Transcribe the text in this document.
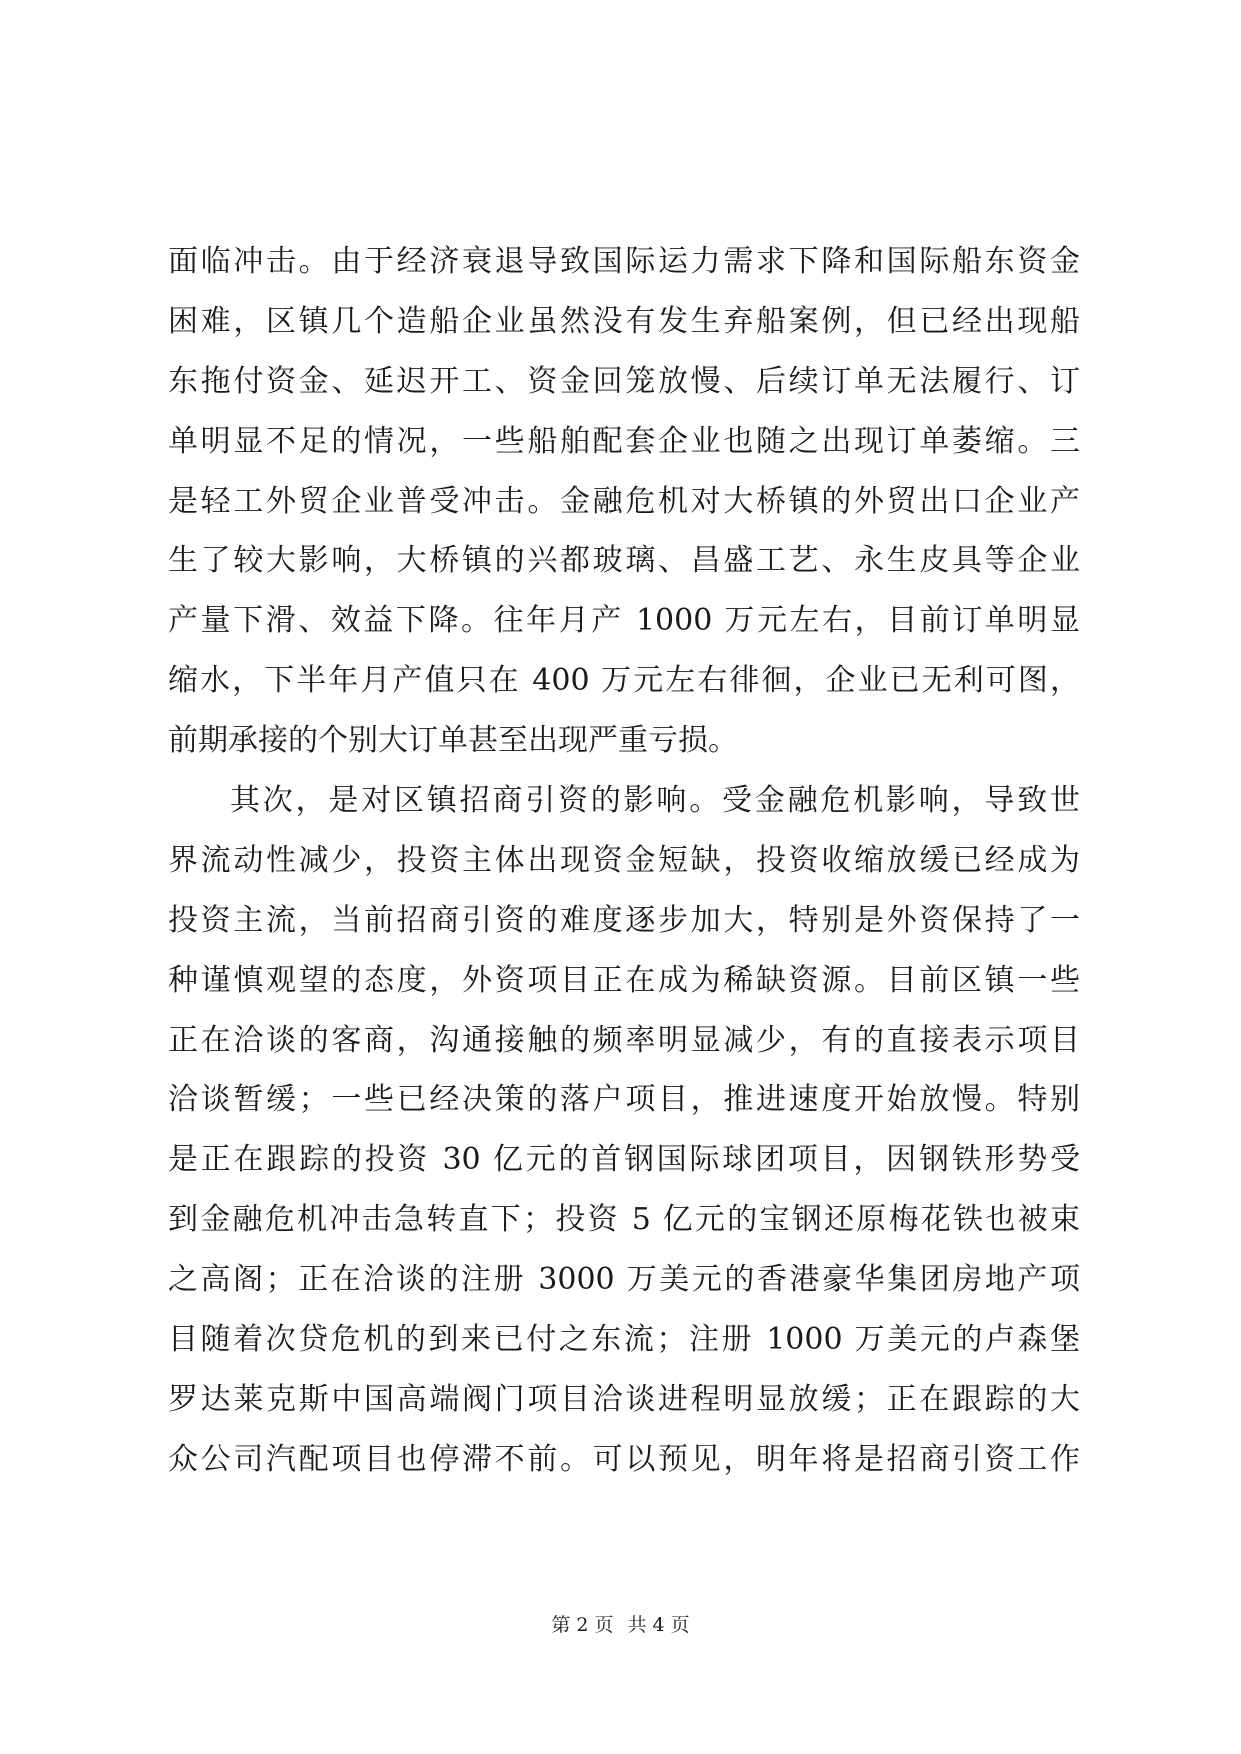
面临冲击。由于经济衰退导致国际运力需求下降和国际船东资金
困难，区镇几个造船企业虽然没有发生弃船案例，但已经出现船
东拖付资金、延迟开工、资金回笼放慢、后续订单无法履行、订
单明显不足的情况，一些船舶配套企业也随之出现订单萎缩。三
是轻工外贸企业普受冲击。金融危机对大桥镇的外贸出口企业产
生了较大影响，大桥镇的兴都玻璃、昌盛工艺、永生皮具等企业
产量下滑、效益下降。往年月产 1000 万元左右，目前订单明显
缩水，下半年月产值只在 400 万元左右徘徊，企业已无利可图，
前期承接的个别大订单甚至出现严重亏损。
其次，是对区镇招商引资的影响。受金融危机影响，导致世
界流动性减少，投资主体出现资金短缺，投资收缩放缓已经成为
投资主流，当前招商引资的难度逐步加大，特别是外资保持了一
种谨慎观望的态度，外资项目正在成为稀缺资源。目前区镇一些
正在洽谈的客商，沟通接触的频率明显减少，有的直接表示项目
洽谈暂缓；一些已经决策的落户项目，推进速度开始放慢。特别
是正在跟踪的投资 30 亿元的首钢国际球团项目，因钢铁形势受
到金融危机冲击急转直下；投资 5 亿元的宝钢还原梅花铁也被束
之高阁；正在洽谈的注册 3000 万美元的香港豪华集团房地产项
目随着次贷危机的到来已付之东流；注册 1000 万美元的卢森堡
罗达莱克斯中国高端阀门项目洽谈进程明显放缓；正在跟踪的大
众公司汽配项目也停滞不前。可以预见，明年将是招商引资工作
第 2 页 共 4 页
